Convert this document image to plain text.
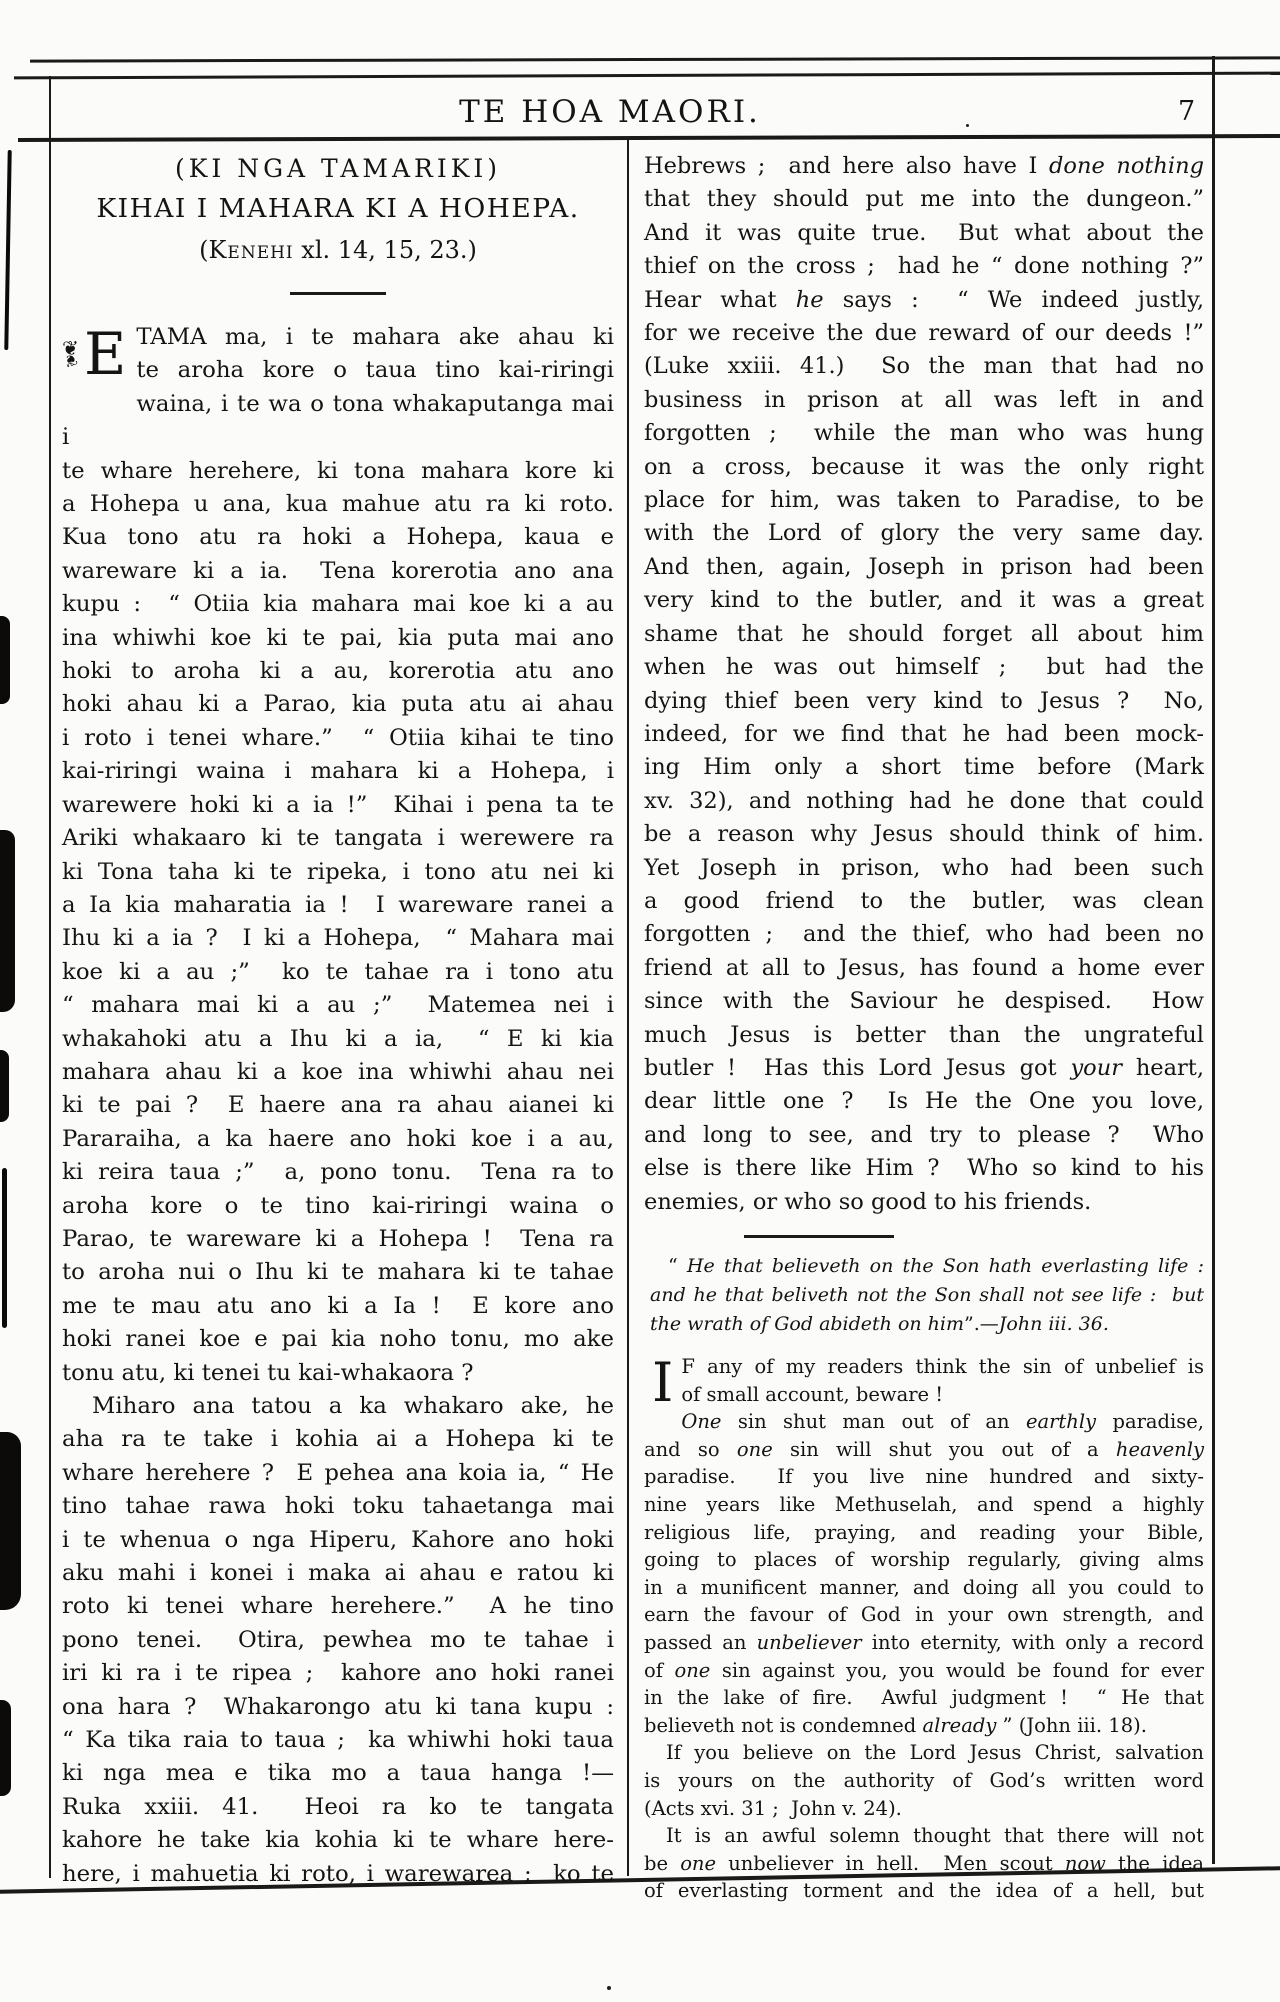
TE HOA MAORI.	7
(KI NGA TAMARIKI)
KIHAI I MAHARA KI A HOHEPA.
(Kenehi xl. 14, 15, 23.)
❦ E ❦ TAMA ma, i te mahara ake ahau ki
te aroha kore o taua tino kai-riringi
waina, i te wa o tona whakaputanga mai i
te whare herehere, ki tona mahara kore ki
a Hohepa u ana, kua mahue atu ra ki roto.
Kua tono atu ra hoki a Hohepa, kaua e
wareware ki a ia.  Tena korerotia ano ana
kupu :  “ Otiia kia mahara mai koe ki a au
ina whiwhi koe ki te pai, kia puta mai ano
hoki to aroha ki a au, korerotia atu ano
hoki ahau ki a Parao, kia puta atu ai ahau
i roto i tenei whare.”  “ Otiia kihai te tino
kai-riringi waina i mahara ki a Hohepa, i
warewere hoki ki a ia !”  Kihai i pena ta te
Ariki whakaaro ki te tangata i werewere ra
ki Tona taha ki te ripeka, i tono atu nei ki
a Ia kia maharatia ia !  I wareware ranei a
Ihu ki a ia ?  I ki a Hohepa,  “ Mahara mai
koe ki a au ;”  ko te tahae ra i tono atu
“ mahara mai ki a au ;”  Matemea nei i
whakahoki atu a Ihu ki a ia,  “ E ki kia
mahara ahau ki a koe ina whiwhi ahau nei
ki te pai ?  E haere ana ra ahau aianei ki
Pararaiha, a ka haere ano hoki koe i a au,
ki reira taua ;”  a, pono tonu.  Tena ra to
aroha kore o te tino kai-riringi waina o
Parao, te wareware ki a Hohepa !  Tena ra
to aroha nui o Ihu ki te mahara ki te tahae
me te mau atu ano ki a Ia !  E kore ano
hoki ranei koe e pai kia noho tonu, mo ake
tonu atu, ki tenei tu kai-whakaora ?
Miharo ana tatou a ka whakaro ake, he
aha ra te take i kohia ai a Hohepa ki te
whare herehere ?  E pehea ana koia ia, “ He
tino tahae rawa hoki toku tahaetanga mai
i te whenua o nga Hiperu, Kahore ano hoki
aku mahi i konei i maka ai ahau e ratou ki
roto ki tenei whare herehere.”  A he tino
pono tenei.  Otira, pewhea mo te tahae i
iri ki ra i te ripea ;  kahore ano hoki ranei
ona hara ?  Whakarongo atu ki tana kupu :
“ Ka tika raia to taua ;  ka whiwhi hoki taua
ki nga mea e tika mo a taua hanga !—
Ruka xxiii. 41.  Heoi ra ko te tangata
kahore he take kia kohia ki te whare here-
here, i mahuetia ki roto, i warewarea ;  ko te
Hebrews ;  and here also have I done nothing
that they should put me into the dungeon.”
And it was quite true.  But what about the
thief on the cross ;  had he “ done nothing ?”
Hear what he says :  “ We indeed justly,
for we receive the due reward of our deeds !”
(Luke xxiii. 41.)  So the man that had no
business in prison at all was left in and
forgotten ;  while the man who was hung
on a cross, because it was the only right
place for him, was taken to Paradise, to be
with the Lord of glory the very same day.
And then, again, Joseph in prison had been
very kind to the butler, and it was a great
shame that he should forget all about him
when he was out himself ;  but had the
dying thief been very kind to Jesus ?  No,
indeed, for we find that he had been mock-
ing Him only a short time before (Mark
xv. 32), and nothing had he done that could
be a reason why Jesus should think of him.
Yet Joseph in prison, who had been such
a good friend to the butler, was clean
forgotten ;  and the thief, who had been no
friend at all to Jesus, has found a home ever
since with the Saviour he despised.  How
much Jesus is better than the ungrateful
butler !  Has this Lord Jesus got your heart,
dear little one ?  Is He the One you love,
and long to see, and try to please ?  Who
else is there like Him ?  Who so kind to his
enemies, or who so good to his friends.
“ He that believeth on the Son hath everlasting life :
and he that beliveth not the Son shall not see life :  but
the wrath of God abideth on him”.—John iii. 36.
I F any of my readers think the sin of unbelief is
of small account, beware !
One sin shut man out of an earthly paradise,
and so one sin will shut you out of a heavenly
paradise.  If you live nine hundred and sixty-
nine years like Methuselah, and spend a highly
religious life, praying, and reading your Bible,
going to places of worship regularly, giving alms
in a munificent manner, and doing all you could to
earn the favour of God in your own strength, and
passed an unbeliever into eternity, with only a record
of one sin against you, you would be found for ever
in the lake of fire.  Awful judgment !  “ He that
believeth not is condemned already ” (John iii. 18).
If you believe on the Lord Jesus Christ, salvation
is yours on the authority of God’s written word
(Acts xvi. 31 ;  John v. 24).
It is an awful solemn thought that there will not
be one unbeliever in hell.  Men scout now the idea
of everlasting torment and the idea of a hell, but
